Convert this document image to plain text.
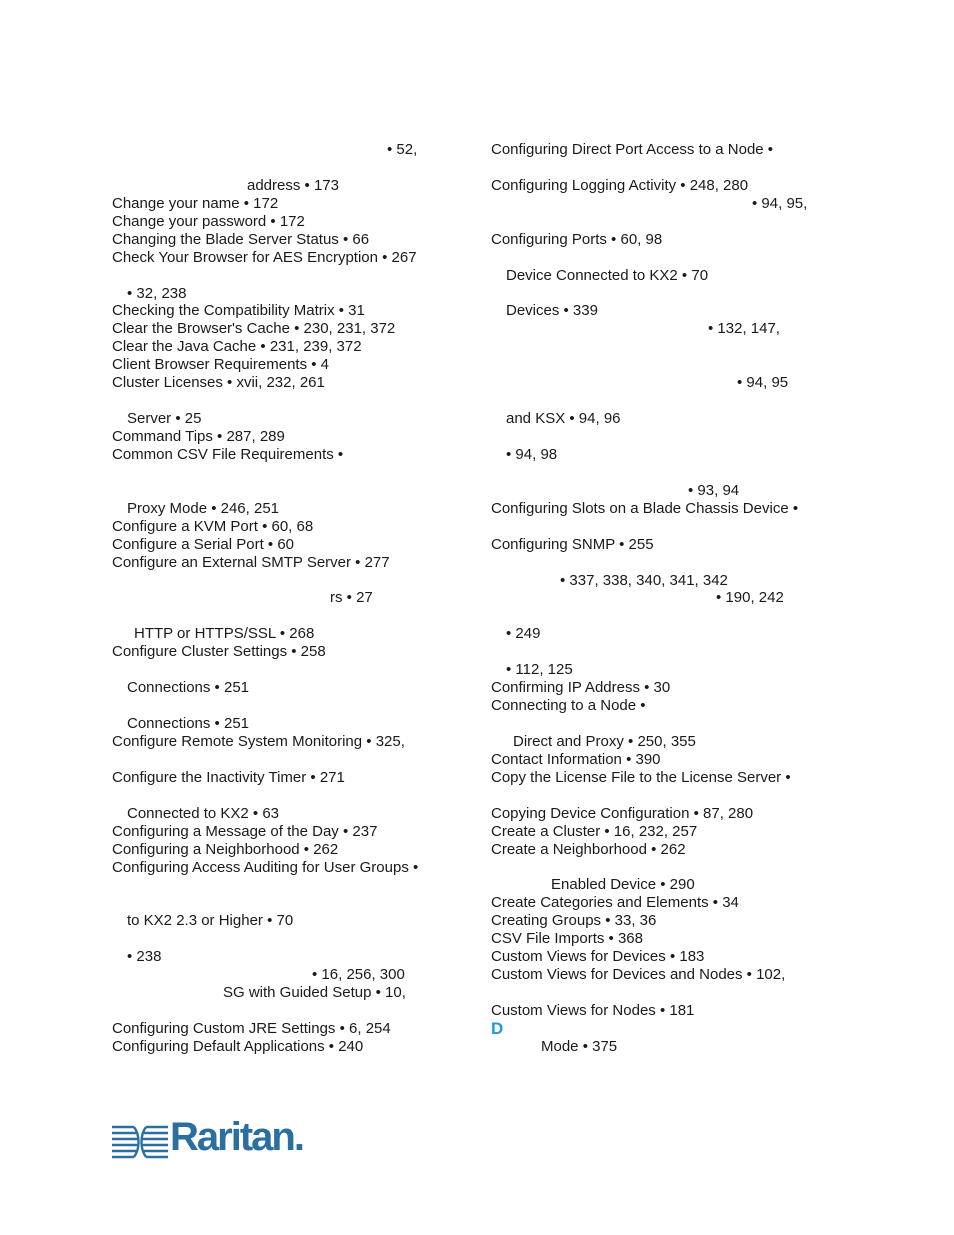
• 52,
address • 173
Change your name • 172
Change your password • 172
Changing the Blade Server Status • 66
Check Your Browser for AES Encryption • 267
• 32, 238
Checking the Compatibility Matrix • 31
Clear the Browser's Cache • 230, 231, 372
Clear the Java Cache • 231, 239, 372
Client Browser Requirements • 4
Cluster Licenses • xvii, 232, 261
Server • 25
Command Tips • 287, 289
Common CSV File Requirements •
Proxy Mode • 246, 251
Configure a KVM Port • 60, 68
Configure a Serial Port • 60
Configure an External SMTP Server • 277
rs • 27
HTTP or HTTPS/SSL • 268
Configure Cluster Settings • 258
Connections • 251
Connections • 251
Configure Remote System Monitoring • 325,
Configure the Inactivity Timer • 271
Connected to KX2 • 63
Configuring a Message of the Day • 237
Configuring a Neighborhood • 262
Configuring Access Auditing for User Groups •
to KX2 2.3 or Higher • 70
• 238
• 16, 256, 300
SG with Guided Setup • 10,
Configuring Custom JRE Settings • 6, 254
Configuring Default Applications • 240
Configuring Direct Port Access to a Node •
Configuring Logging Activity • 248, 280
• 94, 95,
Configuring Ports • 60, 98
Device Connected to KX2 • 70
Devices • 339
• 132, 147,
• 94, 95
and KSX • 94, 96
• 94, 98
• 93, 94
Configuring Slots on a Blade Chassis Device •
Configuring SNMP • 255
• 337, 338, 340, 341, 342
• 190, 242
• 249
• 112, 125
Confirming IP Address • 30
Connecting to a Node •
Direct and Proxy • 250, 355
Contact Information • 390
Copy the License File to the License Server •
Copying Device Configuration • 87, 280
Create a Cluster • 16, 232, 257
Create a Neighborhood • 262
Enabled Device • 290
Create Categories and Elements • 34
Creating Groups • 33, 36
CSV File Imports • 368
Custom Views for Devices • 183
Custom Views for Devices and Nodes • 102,
Custom Views for Nodes • 181
D
Mode • 375
Raritan.
